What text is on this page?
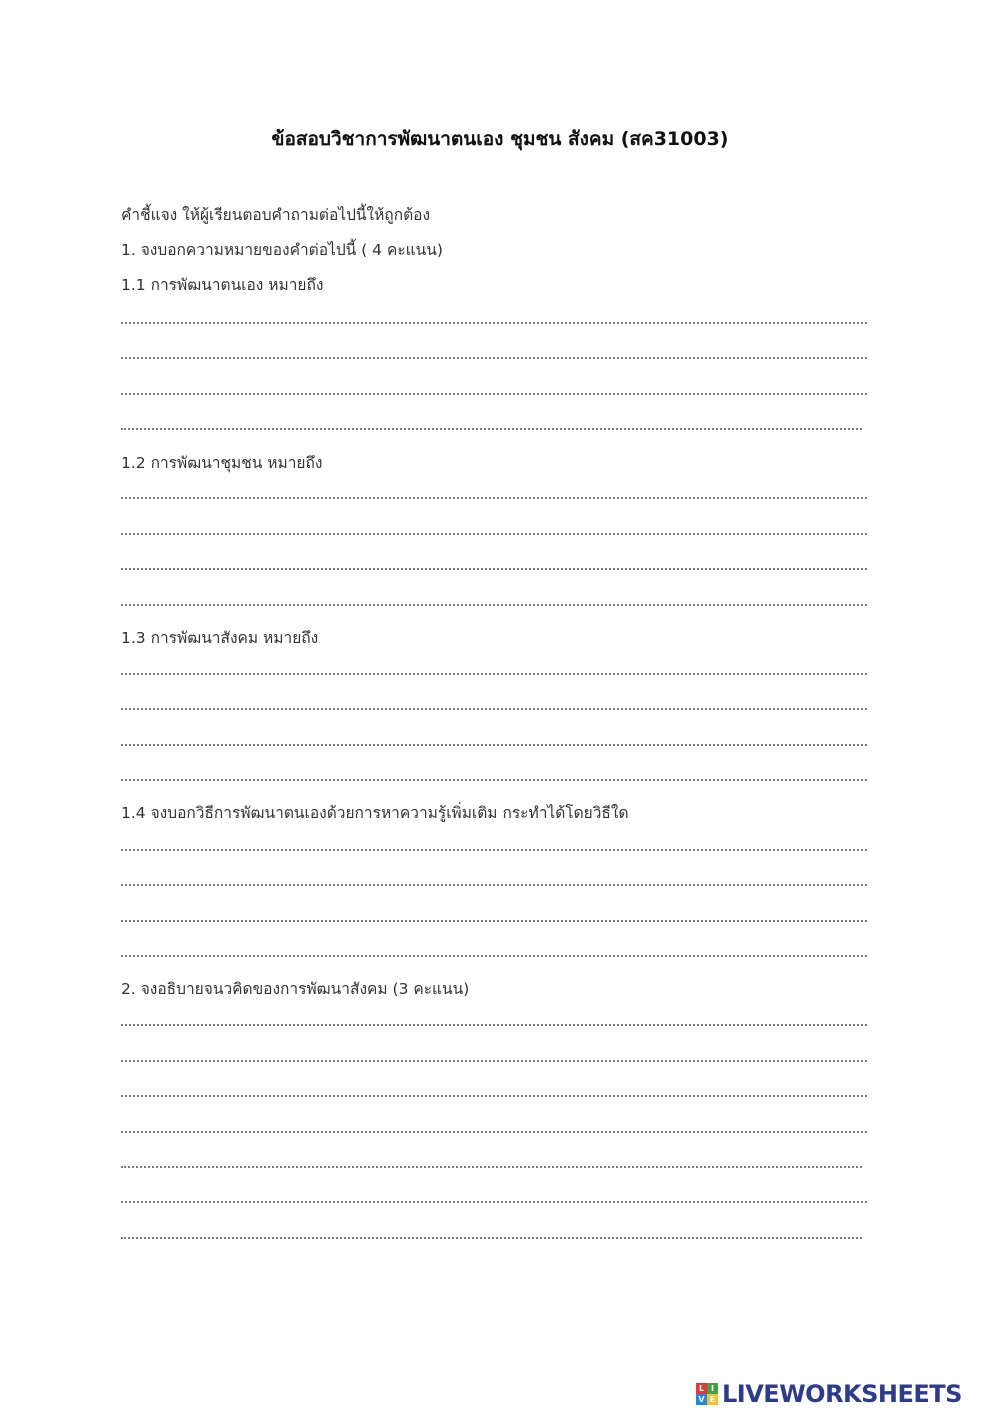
ข้อสอบวิชาการพัฒนาตนเอง ชุมชน สังคม (สค31003)
คำชี้แจง ให้ผู้เรียนตอบคำถามต่อไปนี้ให้ถูกต้อง
1. จงบอกความหมายของคำต่อไปนี้ ( 4 คะแนน)
1.1 การพัฒนาตนเอง หมายถึง
1.2 การพัฒนาชุมชน หมายถึง
1.3 การพัฒนาสังคม หมายถึง
1.4 จงบอกวิธีการพัฒนาตนเองด้วยการหาความรู้เพิ่มเติม กระทำได้โดยวิธีใด
2. จงอธิบายจนวคิดของการพัฒนาสังคม (3 คะแนน)
L I
V E LIVEWORKSHEETS
